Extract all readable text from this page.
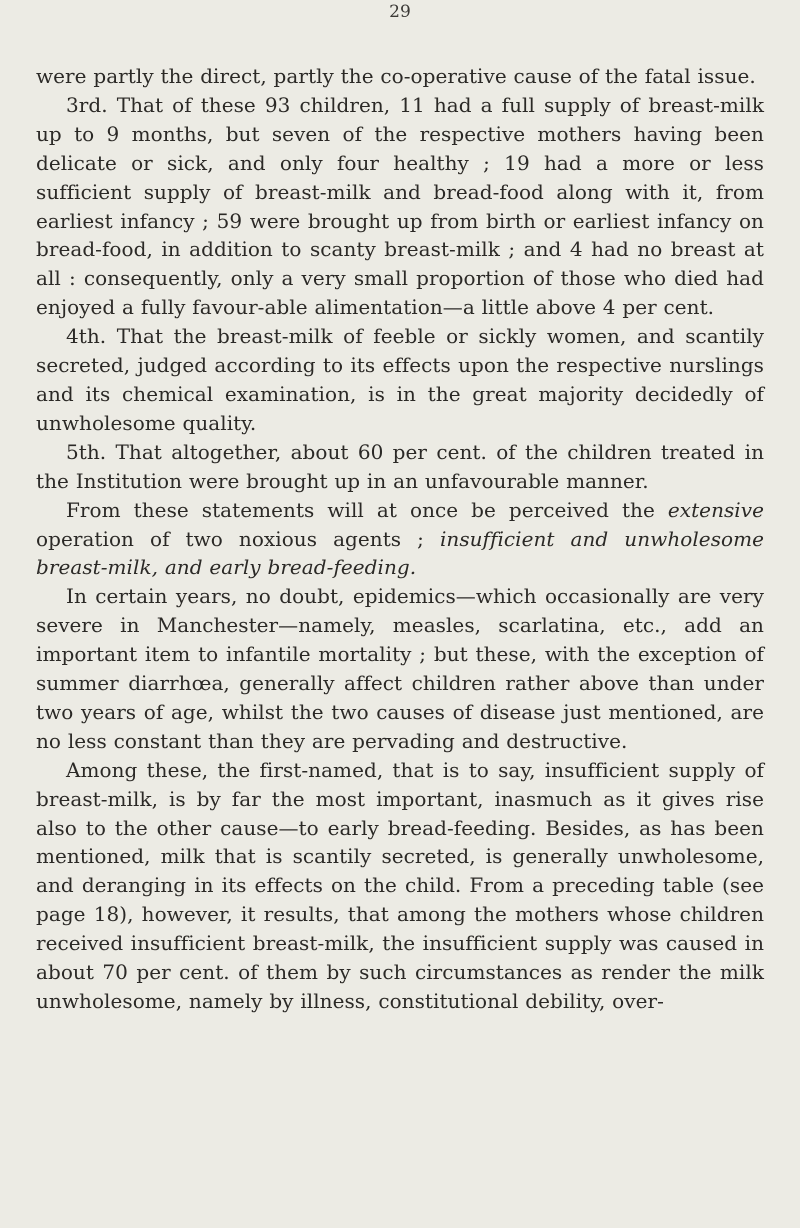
29

were partly the direct, partly the co-operative cause of the fatal issue.

3rd. That of these 93 children, 11 had a full supply of breast-milk up to 9 months, but seven of the respective mothers having been delicate or sick, and only four healthy ; 19 had a more or less sufficient supply of breast-milk and bread-food along with it, from earliest infancy ; 59 were brought up from birth or earliest infancy on bread-food, in addition to scanty breast-milk ; and 4 had no breast at all : consequently, only a very small proportion of those who died had enjoyed a fully favour-able alimentation—a little above 4 per cent.

4th. That the breast-milk of feeble or sickly women, and scantily secreted, judged according to its effects upon the respective nurslings and its chemical examination, is in the great majority decidedly of unwholesome quality.

5th. That altogether, about 60 per cent. of the children treated in the Institution were brought up in an unfavourable manner.

From these statements will at once be perceived the extensive operation of two noxious agents ; insufficient and unwholesome breast-milk, and early bread-feeding.

In certain years, no doubt, epidemics—which occasionally are very severe in Manchester—namely, measles, scarlatina, etc., add an important item to infantile mortality ; but these, with the exception of summer diarrhœa, generally affect children rather above than under two years of age, whilst the two causes of disease just mentioned, are no less constant than they are pervading and destructive.

Among these, the first-named, that is to say, insufficient supply of breast-milk, is by far the most important, inasmuch as it gives rise also to the other cause—to early bread-feeding. Besides, as has been mentioned, milk that is scantily secreted, is generally unwholesome, and deranging in its effects on the child. From a preceding table (see page 18), however, it results, that among the mothers whose children received insufficient breast-milk, the insufficient supply was caused in about 70 per cent. of them by such circumstances as render the milk unwholesome, namely by illness, constitutional debility, over-
